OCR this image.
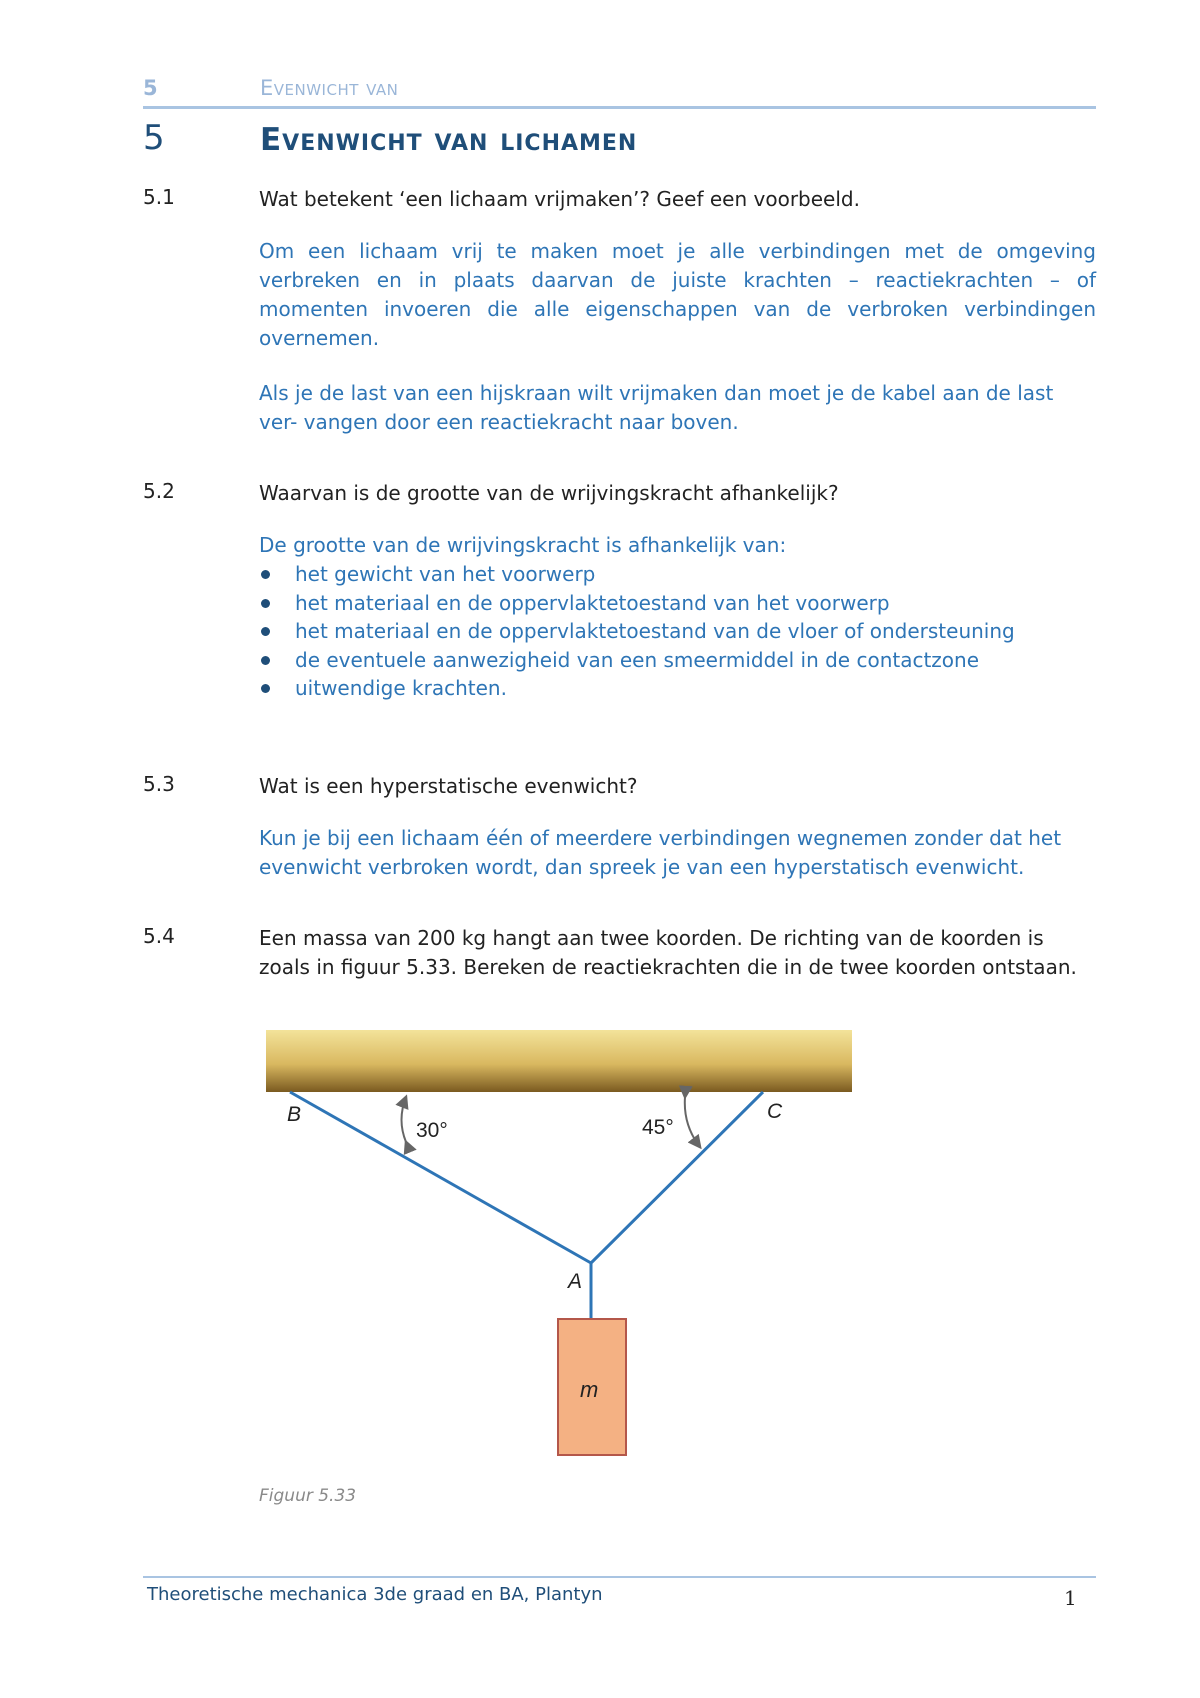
5	Evenwicht van
5	Evenwicht van lichamen
5.1	Wat betekent ‘een lichaam vrijmaken’? Geef een voorbeeld.

Om een lichaam vrij te maken moet je alle verbindingen met de omgeving verbreken en in plaats daarvan de juiste krachten – reactiekrachten – of momenten invoeren die alle eigenschappen van de verbroken verbindingen overnemen.

Als je de last van een hijskraan wilt vrijmaken dan moet je de kabel aan de last ver- vangen door een reactiekracht naar boven.

5.2	Waarvan is de grootte van de wrijvingskracht afhankelijk?

De grootte van de wrijvingskracht is afhankelijk van:

het gewicht van het voorwerp
het materiaal en de oppervlaktetoestand van het voorwerp
het materiaal en de oppervlaktetoestand van de vloer of ondersteuning
de eventuele aanwezigheid van een smeermiddel in de contactzone
uitwendige krachten.
5.3	Wat is een hyperstatische evenwicht?

Kun je bij een lichaam één of meerdere verbindingen wegnemen zonder dat het evenwicht verbroken wordt, dan spreek je van een hyperstatisch evenwicht.

5.4	Een massa van 200 kg hangt aan twee koorden. De richting van de koorden is zoals in figuur 5.33. Bereken de reactiekrachten die in de twee koorden ontstaan.
B	C
A
m
30°	45°
Figuur 5.33
Theoretische mechanica 3de graad en BA, Plantyn	1
